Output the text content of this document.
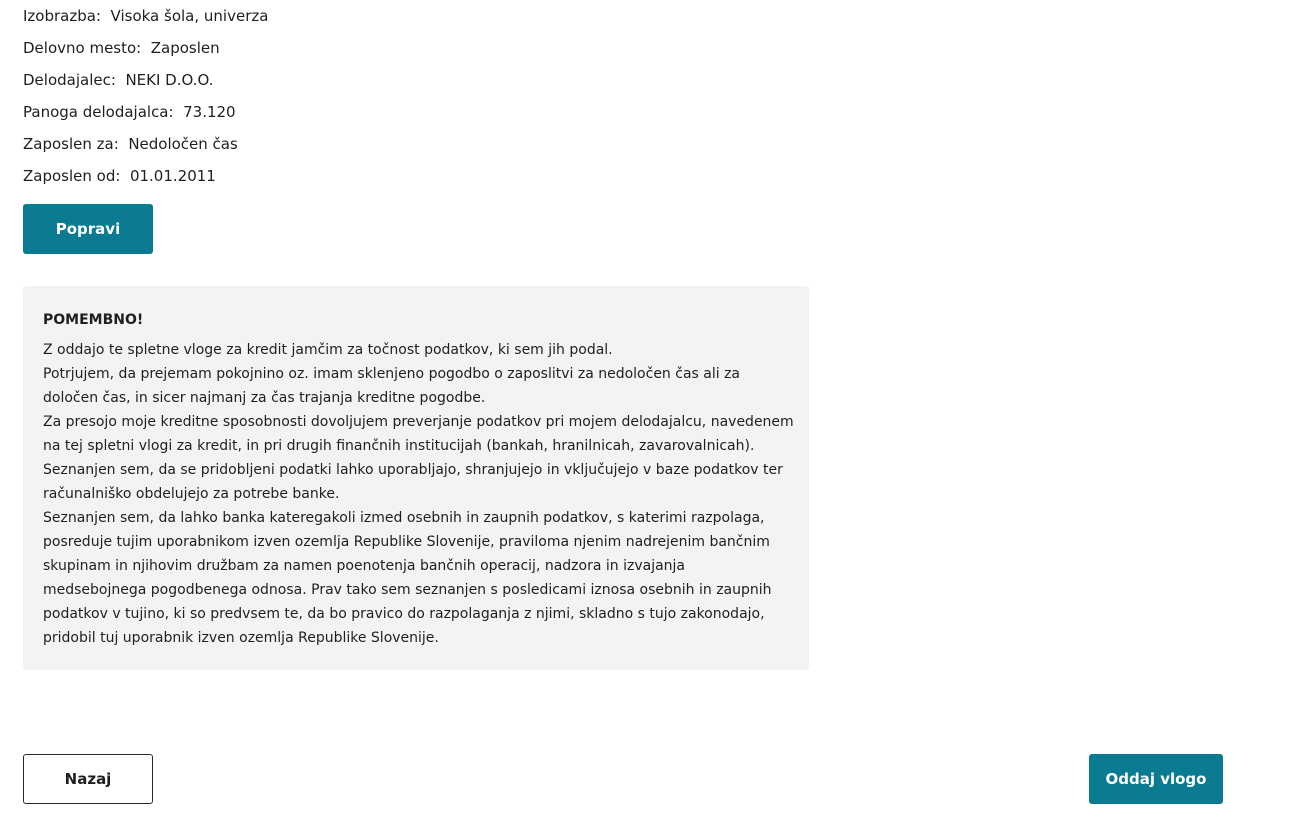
Izobrazba : Visoka šola, univerza
Delovno mesto : Zaposlen
Delodajalec : NEKI D.O.O.
Panoga delodajalca : 73.120
Zaposlen za : Nedoločen čas
Zaposlen od : 01.01.2011
Popravi
POMEMBNO!
Z oddajo te spletne vloge za kredit jamčim za točnost podatkov, ki sem jih podal.
Potrjujem, da prejemam pokojnino oz. imam sklenjeno pogodbo o zaposlitvi za nedoločen čas ali za
določen čas, in sicer najmanj za čas trajanja kreditne pogodbe.
Za presojo moje kreditne sposobnosti dovoljujem preverjanje podatkov pri mojem delodajalcu, navedenem
na tej spletni vlogi za kredit, in pri drugih finančnih institucijah (bankah, hranilnicah, zavarovalnicah).
Seznanjen sem, da se pridobljeni podatki lahko uporabljajo, shranjujejo in vključujejo v baze podatkov ter
računalniško obdelujejo za potrebe banke.
Seznanjen sem, da lahko banka kateregakoli izmed osebnih in zaupnih podatkov, s katerimi razpolaga,
posreduje tujim uporabnikom izven ozemlja Republike Slovenije, praviloma njenim nadrejenim bančnim
skupinam in njihovim družbam za namen poenotenja bančnih operacij, nadzora in izvajanja
medsebojnega pogodbenega odnosa. Prav tako sem seznanjen s posledicami iznosa osebnih in zaupnih
podatkov v tujino, ki so predvsem te, da bo pravico do razpolaganja z njimi, skladno s tujo zakonodajo,
pridobil tuj uporabnik izven ozemlja Republike Slovenije.
Nazaj	Oddaj vlogo
